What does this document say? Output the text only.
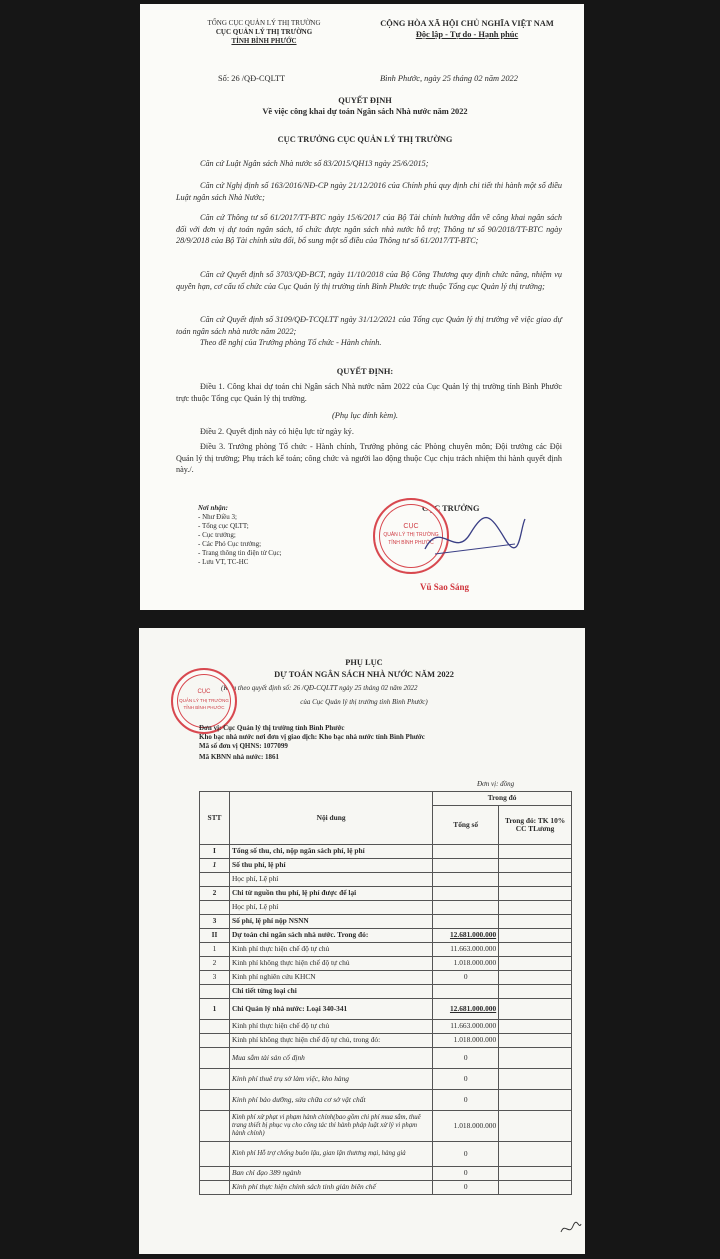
TỔNG CỤC QUẢN LÝ THỊ TRƯỜNG
CỤC QUẢN LÝ THỊ TRƯỜNG
TỈNH BÌNH PHƯỚC
CỘNG HÒA XÃ HỘI CHỦ NGHĨA VIỆT NAM
Độc lập - Tự do - Hạnh phúc
Số: 26 /QĐ-CQLTT	Bình Phước, ngày 25 tháng 02 năm 2022
QUYẾT ĐỊNH
Về việc công khai dự toán Ngân sách Nhà nước năm 2022
CỤC TRƯỞNG CỤC QUẢN LÝ THỊ TRƯỜNG
Căn cứ Luật Ngân sách Nhà nước số 83/2015/QH13 ngày 25/6/2015;
Căn cứ Nghị định số 163/2016/NĐ-CP ngày 21/12/2016 của Chính phủ quy định chi tiết thi hành một số điều Luật ngân sách Nhà Nước;
Căn cứ Thông tư số 61/2017/TT-BTC ngày 15/6/2017 của Bộ Tài chính hướng dẫn về công khai ngân sách đối với đơn vị dự toán ngân sách, tổ chức được ngân sách nhà nước hỗ trợ; Thông tư số 90/2018/TT-BTC ngày 28/9/2018 của Bộ Tài chính sửa đổi, bổ sung một số điều của Thông tư số 61/2017/TT-BTC;
Căn cứ Quyết định số 3703/QĐ-BCT, ngày 11/10/2018 của Bộ Công Thương quy định chức năng, nhiệm vụ quyền hạn, cơ cấu tổ chức của Cục Quản lý thị trường tỉnh Bình Phước trực thuộc Tổng cục Quản lý thị trường;
Căn cứ Quyết định số 3109/QĐ-TCQLTT ngày 31/12/2021 của Tổng cục Quản lý thị trường về việc giao dự toán ngân sách nhà nước năm 2022;
Theo đề nghị của Trưởng phòng Tổ chức - Hành chính.
QUYẾT ĐỊNH:
Điều 1. Công khai dự toán chi Ngân sách Nhà nước năm 2022 của Cục Quản lý thị trường tỉnh Bình Phước trực thuộc Tổng cục Quản lý thị trường.
(Phụ lục đính kèm).
Điều 2. Quyết định này có hiệu lực từ ngày ký.
Điều 3. Trưởng phòng Tổ chức - Hành chính, Trưởng phòng các Phòng chuyên môn; Đội trưởng các Đội Quản lý thị trường; Phụ trách kế toán; công chức và người lao động thuộc Cục chịu trách nhiệm thi hành quyết định này./.
Nơi nhận:
- Như Điều 3;
- Tổng cục QLTT;
- Cục trưởng;
- Các Phó Cục trưởng;
- Trang thông tin điện tử Cục;
- Lưu VT, TC-HC
CỤC TRƯỞNG
CỤC
QUẢN LÝ THỊ TRƯỜNG
TỈNH BÌNH PHƯỚC
Vũ Sao Sáng
PHỤ LỤC
DỰ TOÁN NGÂN SÁCH NHÀ NƯỚC NĂM 2022
(Kèm theo quyết định số: 26 /QĐ-CQLTT ngày 25 tháng 02 năm 2022
của Cục Quản lý thị trường tỉnh Bình Phước)
CỤC
QUẢN LÝ THỊ TRƯỜNG
TỈNH BÌNH PHƯỚC
Đơn vị: Cục Quản lý thị trường tỉnh Bình Phước
Kho bạc nhà nước nơi đơn vị giao dịch: Kho bạc nhà nước tỉnh Bình Phước
Mã số đơn vị QHNS: 1077099
Mã KBNN nhà nước: 1861
Đơn vị: đồng
STT	Nội dung	Trong đó	
		Tổng số	Trong đó: TK 10% CC TLương
I	Tổng số thu, chi, nộp ngân sách phí, lệ phí		
1	Số thu phí, lệ phí		
	Học phí, Lệ phí		
2	Chi từ nguồn thu phí, lệ phí được để lại		
	Học phí, Lệ phí		
3	Số phí, lệ phí nộp NSNN		
II	Dự toán chi ngân sách nhà nước. Trong đó:	12.681.000.000	
1	Kinh phí thực hiện chế độ tự chủ	11.663.000.000	
2	Kinh phí không thực hiện chế độ tự chủ	1.018.000.000	
3	Kinh phí nghiên cứu KHCN	0	
	Chi tiết từng loại chi		
1	Chi Quản lý nhà nước: Loại 340-341	12.681.000.000	
	Kinh phí thực hiện chế độ tự chủ	11.663.000.000	
	Kinh phí không thực hiện chế độ tự chủ, trong đó:	1.018.000.000	
	Mua sắm tài sản cố định	0	
	Kinh phí thuê trụ sở làm việc, kho hàng	0	
	Kinh phí bảo dưỡng, sửa chữa cơ sở vật chất	0	
	Kinh phí xử phạt vi phạm hành chính(bao gồm chi phí mua sắm, thuê trang thiết bị phục vụ cho công tác thi hành pháp luật xử lý vi phạm hành chính)	1.018.000.000	
	Kinh phí Hỗ trợ chống buôn lậu, gian lận thương mại, hàng giả	0	
	Ban chỉ đạo 389 ngành	0	
	Kinh phí thực hiện chính sách tinh giản biên chế	0	
